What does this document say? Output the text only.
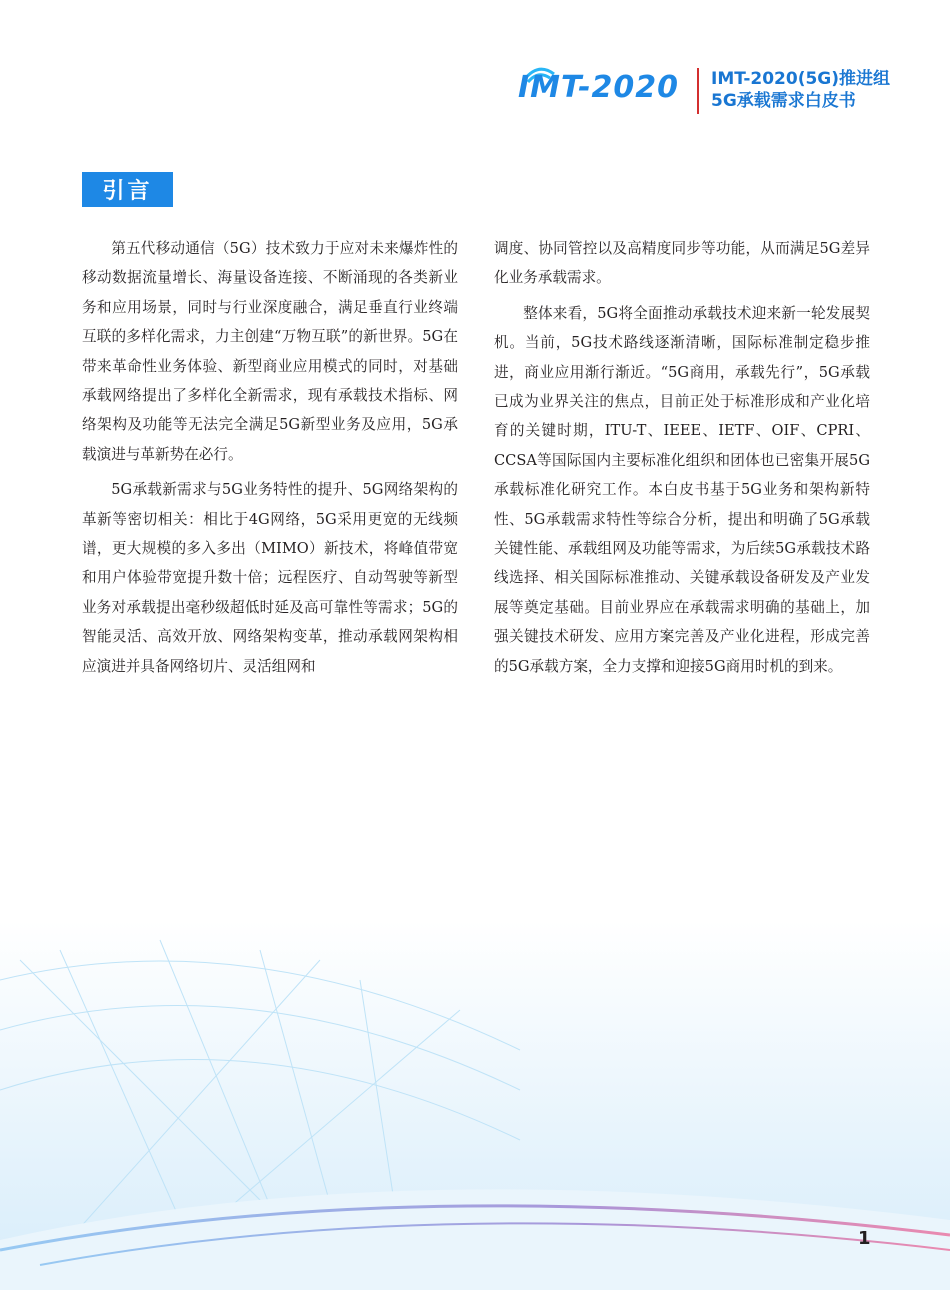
IMT-2020 IMT-2020(5G)推进组
5G承载需求白皮书
引言

第五代移动通信（5G）技术致力于应对未来爆炸性的移动数据流量增长、海量设备连接、不断涌现的各类新业务和应用场景，同时与行业深度融合，满足垂直行业终端互联的多样化需求，力主创建“万物互联”的新世界。5G在带来革命性业务体验、新型商业应用模式的同时，对基础承载网络提出了多样化全新需求，现有承载技术指标、网络架构及功能等无法完全满足5G新型业务及应用，5G承载演进与革新势在必行。

5G承载新需求与5G业务特性的提升、5G网络架构的革新等密切相关：相比于4G网络，5G采用更宽的无线频谱，更大规模的多入多出（MIMO）新技术，将峰值带宽和用户体验带宽提升数十倍；远程医疗、自动驾驶等新型业务对承载提出毫秒级超低时延及高可靠性等需求；5G的智能灵活、高效开放、网络架构变革，推动承载网架构相应演进并具备网络切片、灵活组网和

调度、协同管控以及高精度同步等功能，从而满足5G差异化业务承载需求。

整体来看，5G将全面推动承载技术迎来新一轮发展契机。当前，5G技术路线逐渐清晰，国际标准制定稳步推进，商业应用渐行渐近。“5G商用，承载先行”，5G承载已成为业界关注的焦点，目前正处于标准形成和产业化培育的关键时期，ITU-T、IEEE、IETF、OIF、CPRI、CCSA等国际国内主要标准化组织和团体也已密集开展5G承载标准化研究工作。本白皮书基于5G业务和架构新特性、5G承载需求特性等综合分析，提出和明确了5G承载关键性能、承载组网及功能等需求，为后续5G承载技术路线选择、相关国际标准推动、关键承载设备研发及产业发展等奠定基础。目前业界应在承载需求明确的基础上，加强关键技术研发、应用方案完善及产业化进程，形成完善的5G承载方案，全力支撑和迎接5G商用时机的到来。

1
